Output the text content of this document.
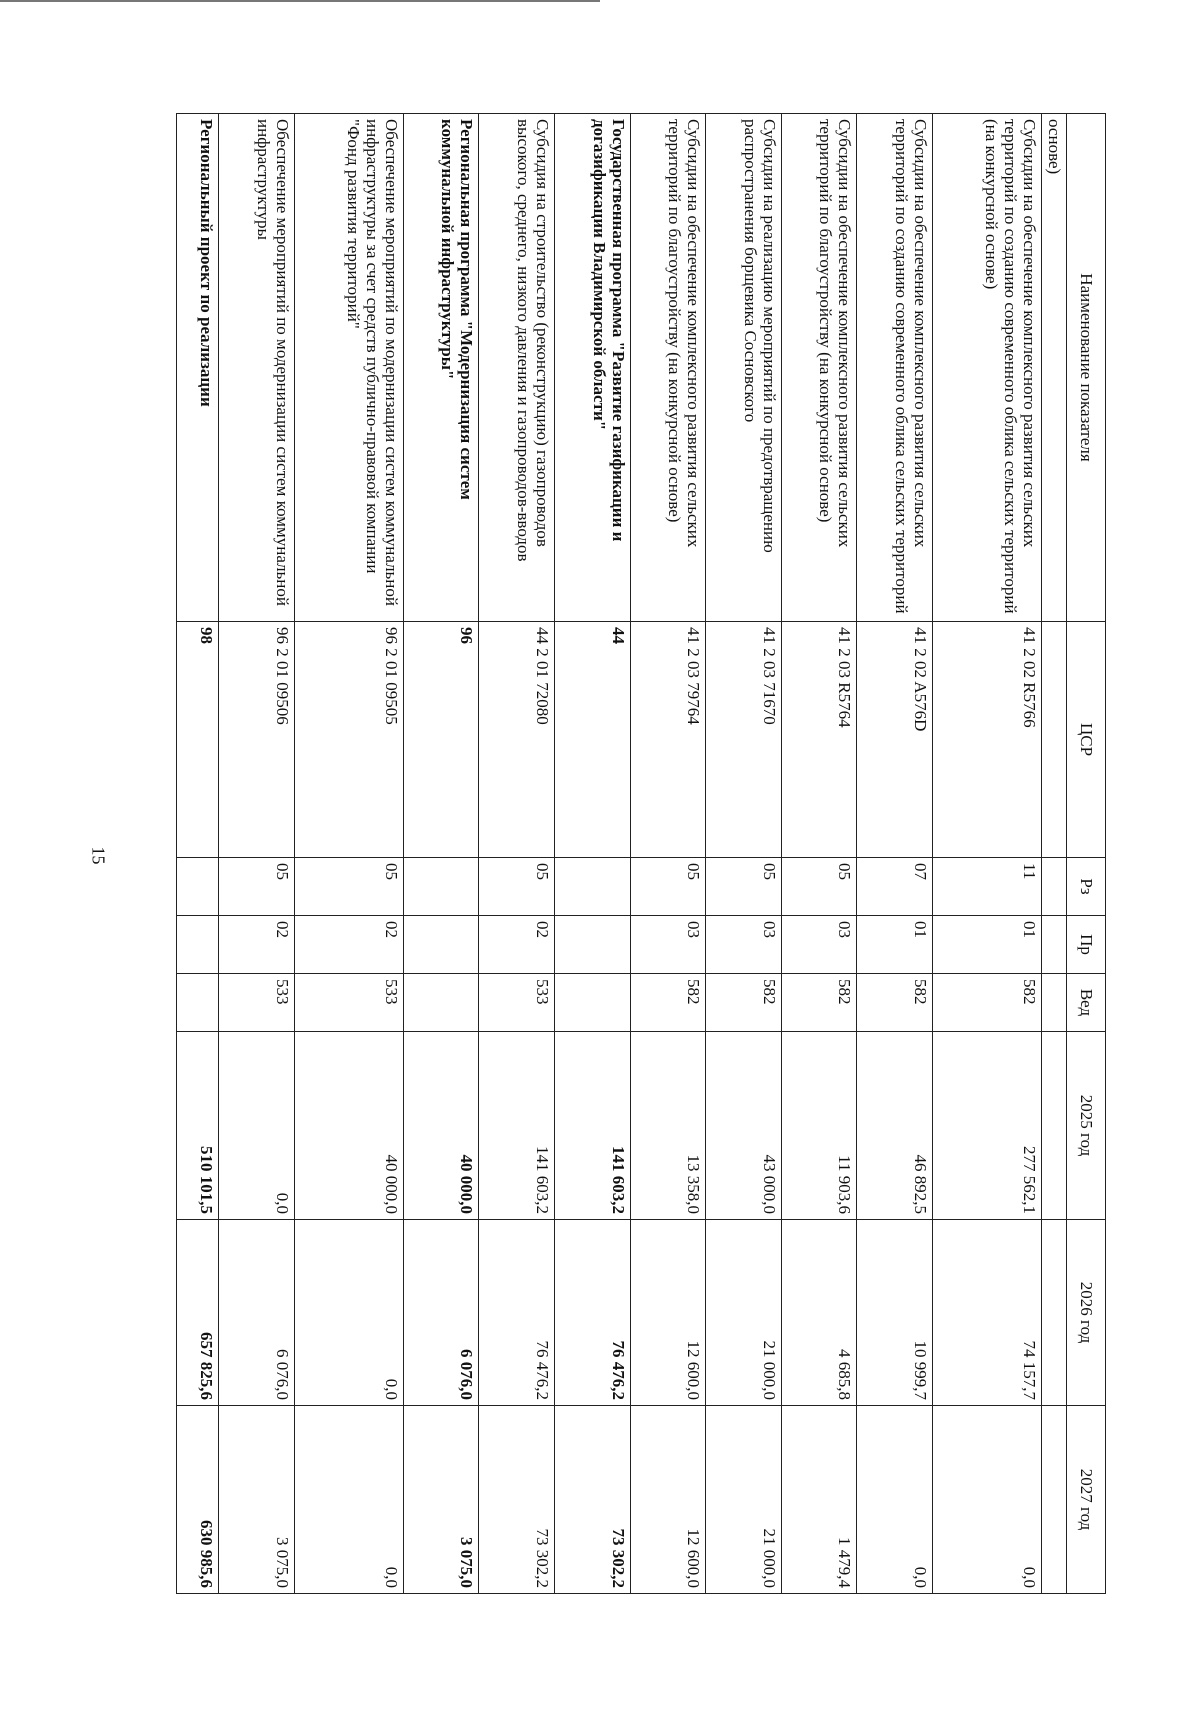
15
Наименование показателя	ЦСР	Рз	Пр	Вед	2025 год	2026 год	2027 год
основе)							
Субсидии на обеспечение комплексного развития сельских территорий по созданию современного облика сельских территорий (на конкурсной основе)	41 2 02 R5766	11	01	582	277 562,1	74 157,7	0,0
Субсидии на обеспечение комплексного развития сельских территорий по созданию современного облика сельских территорий	41 2 02 A576D	07	01	582	46 892,5	10 999,7	0,0
Субсидии на обеспечение комплексного развития сельских территорий по благоустройству (на конкурсной основе)	41 2 03 R5764	05	03	582	11 903,6	4 685,8	1 479,4
Субсидии на реализацию мероприятий по предотвращению распространения борщевика Сосновского	41 2 03 71670	05	03	582	43 000,0	21 000,0	21 000,0
Субсидии на обеспечение комплексного развития сельских территорий по благоустройству (на конкурсной основе)	41 2 03 79764	05	03	582	13 358,0	12 600,0	12 600,0
Государственная программа "Развитие газификации и догазификации Владимирской области"	44				141 603,2	76 476,2	73 302,2
Субсидия на строительство (реконструкцию) газопроводов высокого, среднего, низкого давления и газопроводов-вводов	44 2 01 72080	05	02	533	141 603,2	76 476,2	73 302,2
Региональная программа "Модернизация систем коммунальной инфраструктуры"	96				40 000,0	6 076,0	3 075,0
Обеспечение мероприятий по модернизации систем коммунальной инфраструктуры за счет средств публично-правовой компании "Фонд развития территорий"	96 2 01 09505	05	02	533	40 000,0	0,0	0,0
Обеспечение мероприятий по модернизации систем коммунальной инфраструктуры	96 2 01 09506	05	02	533	0,0	6 076,0	3 075,0
Региональный проект по реализации	98				510 101,5	657 825,6	630 985,6
